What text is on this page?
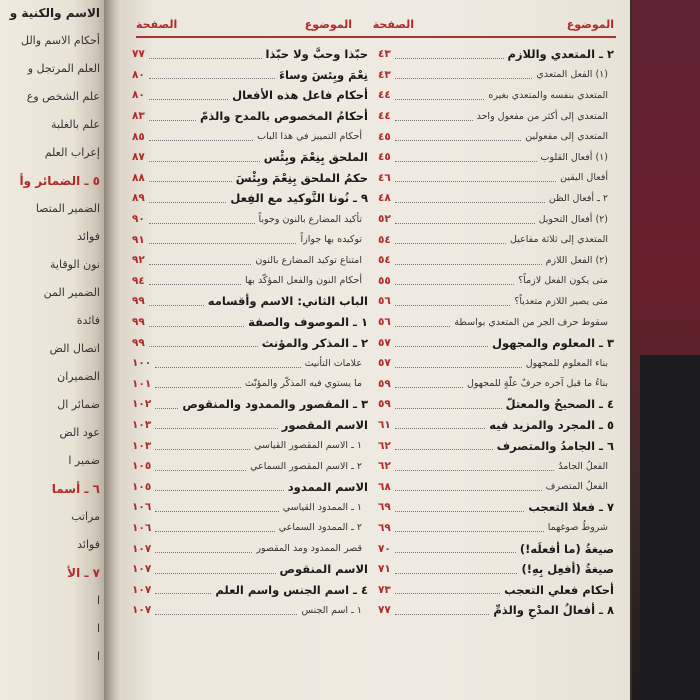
الاسم والكنية و
أحكام الاسم والل
العلم المرتجل و
علم الشخص وع
علم بالغلبة
إعراب العلم
٥ ـ الضمائر وأ
الضمير المتصا
فوائد
نون الوقاية
الضمير المن
فائدة
اتصال الض
الضميران
ضمائر ال
عود الض
ضمير ا
٦ ـ أسما
مراتب
فوائد
٧ ـ الأ
ا
ا
ا
الموضوع
الصفحة
الموضوع
الصفحة
٢ ـ المتعدي واللازم
٤٣
(١) الفعل المتعدي
٤٣
المتعدي بنفسه والمتعدي بغيره
٤٤
المتعدي إلى أكثر من مفعول واحد
٤٤
المتعدي إلى مفعولين
٤٥
(١) أفعال القلوب
٤٥
أفعال اليقين
٤٦
٢ ـ أفعال الظن
٤٨
(٢) أفعال التحويل
٥٢
المتعدي إلى ثلاثة مفاعيل
٥٤
(٢) الفعل اللازم
٥٤
متى يكون الفعل لازماً؟
٥٥
متى يصير اللازم متعدياً؟
٥٦
سقوط حرف الجر من المتعدي بواسطة
٥٦
٣ ـ المعلوم والمجهول
٥٧
بناء المعلوم للمجهول
٥٧
بناءُ ما قبل آخره حرفٌ علّةٍ للمجهول
٥٩
٤ ـ الصحيحُ والمعتلّ
٥٩
٥ ـ المجرد والمزيد فيه
٦١
٦ ـ الجامدُ والمتصرف
٦٢
الفعلُ الجامدُ
٦٢
الفعلُ المتصرف
٦٨
٧ ـ فعلا التعجب
٦٩
شروطُ صوغهما
٦٩
صيغةُ (ما أفعلَه!)
٧٠
صيغةُ (أفعِل بِهِ!)
٧١
أحكام فعلي التعجب
٧٣
٨ ـ أفعالُ المدْحِ والذمِّ
٧٧
حبّذا وحبَّ ولا حبّذا
٧٧
نِعْمَ وبِئسَ وساءَ
٨٠
أحكام فاعل هذه الأفعال
٨٠
أحكامُ المخصوص بالمدح والذمّ
٨٣
أحكام التمييز في هذا الباب
٨٥
الملحق بِنِعْمَ وبِئْس
٨٧
حكمُ الملحق بِنِعْمَ وبِئْسَ
٨٨
٩ ـ نُونا التَّوكيد مع الفِعل
٨٩
تأكيد المضارع بالنون وجوباً
٩٠
توكيده بها جوازاً
٩١
امتناع توكيد المضارع بالنون
٩٢
أحكام النون والفعل المؤكّد بها
٩٤
الباب الثاني: الاسم وأقسامه
٩٩
١ ـ الموصوف والصفة
٩٩
٢ ـ المذكر والمؤنث
٩٩
علامات التأنيث
١٠٠
ما يستوي فيه المذكّر والمؤنّث
١٠١
٣ ـ المقصور والممدود والمنقوص
١٠٢
الاسم المقصور
١٠٣
١ ـ الاسم المقصور القياسي
١٠٣
٢ ـ الاسم المقصور السماعي
١٠٥
الاسم الممدود
١٠٥
١ ـ الممدود القياسي
١٠٦
٢ ـ الممدود السماعي
١٠٦
قصر الممدود ومد المقصور
١٠٧
الاسم المنقوص
١٠٧
٤ ـ اسم الجنس واسم العلم
١٠٧
١ ـ اسم الجنس
١٠٧
